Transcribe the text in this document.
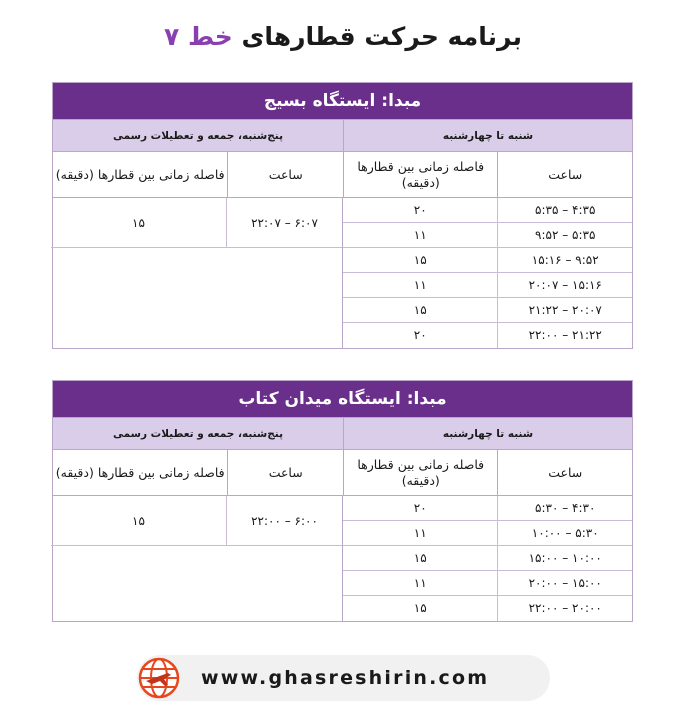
برنامه حرکت قطارهای خط ۷
مبدا: ایستگاه بسیج
شنبه تا چهارشنبه
پنج‌شنبه، جمعه و تعطیلات رسمی
ساعت
فاصله زمانی بین قطارها (دقیقه)
ساعت
فاصله زمانی بین قطارها (دقیقه)
۴:۳۵ – ۵:۳۵
۲۰
۵:۳۵ – ۹:۵۲
۱۱
۹:۵۲ – ۱۵:۱۶
۱۵
۱۵:۱۶ – ۲۰:۰۷
۱۱
۲۰:۰۷ – ۲۱:۲۲
۱۵
۲۱:۲۲ – ۲۲:۰۰
۲۰
۶:۰۷ – ۲۲:۰۷
۱۵
مبدا: ایستگاه میدان کتاب
شنبه تا چهارشنبه
پنج‌شنبه، جمعه و تعطیلات رسمی
ساعت
فاصله زمانی بین قطارها (دقیقه)
ساعت
فاصله زمانی بین قطارها (دقیقه)
۴:۳۰ – ۵:۳۰
۲۰
۵:۳۰ – ۱۰:۰۰
۱۱
۱۰:۰۰ – ۱۵:۰۰
۱۵
۱۵:۰۰ – ۲۰:۰۰
۱۱
۲۰:۰۰ – ۲۲:۰۰
۱۵
۶:۰۰ – ۲۲:۰۰
۱۵
www.ghasreshirin.com
